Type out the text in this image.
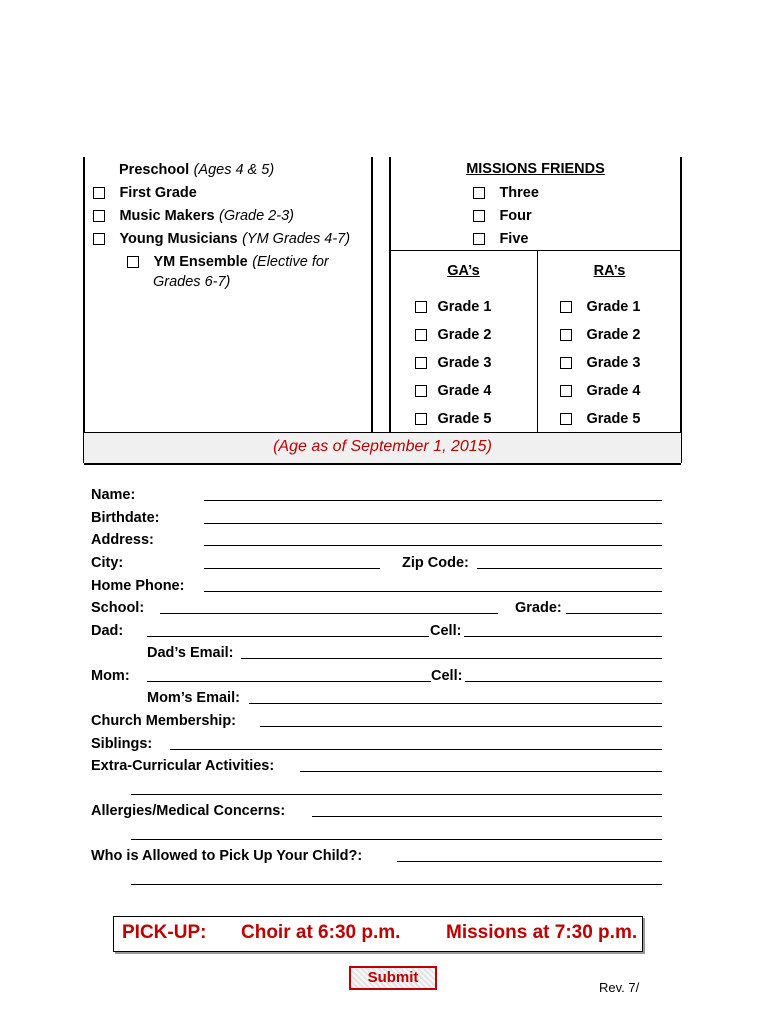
Preschool (Ages 4 & 5)
First Grade
Music Makers (Grade 2-3)
Young Musicians (YM Grades 4-7)
YM Ensemble (Elective for
Grades 6-7)
MISSIONS FRIENDS
Three
Four
Five
GA’s	RA’s
Grade 1
Grade 2
Grade 3
Grade 4
Grade 5
Grade 1
Grade 2
Grade 3
Grade 4
Grade 5
(Age as of September 1, 2015)
Name:
Birthdate:
Address:
City:	Zip Code:
Home Phone:
School:	Grade:
Dad:	Cell:
Dad’s Email:
Mom:	Cell:
Mom’s Email:
Church Membership:
Siblings:
Extra-Curricular Activities:
Allergies/Medical Concerns:
Who is Allowed to Pick Up Your Child?:
PICK-UP: Choir at 6:30 p.m. Missions at 7:30 p.m.
Submit
Rev. 7/
